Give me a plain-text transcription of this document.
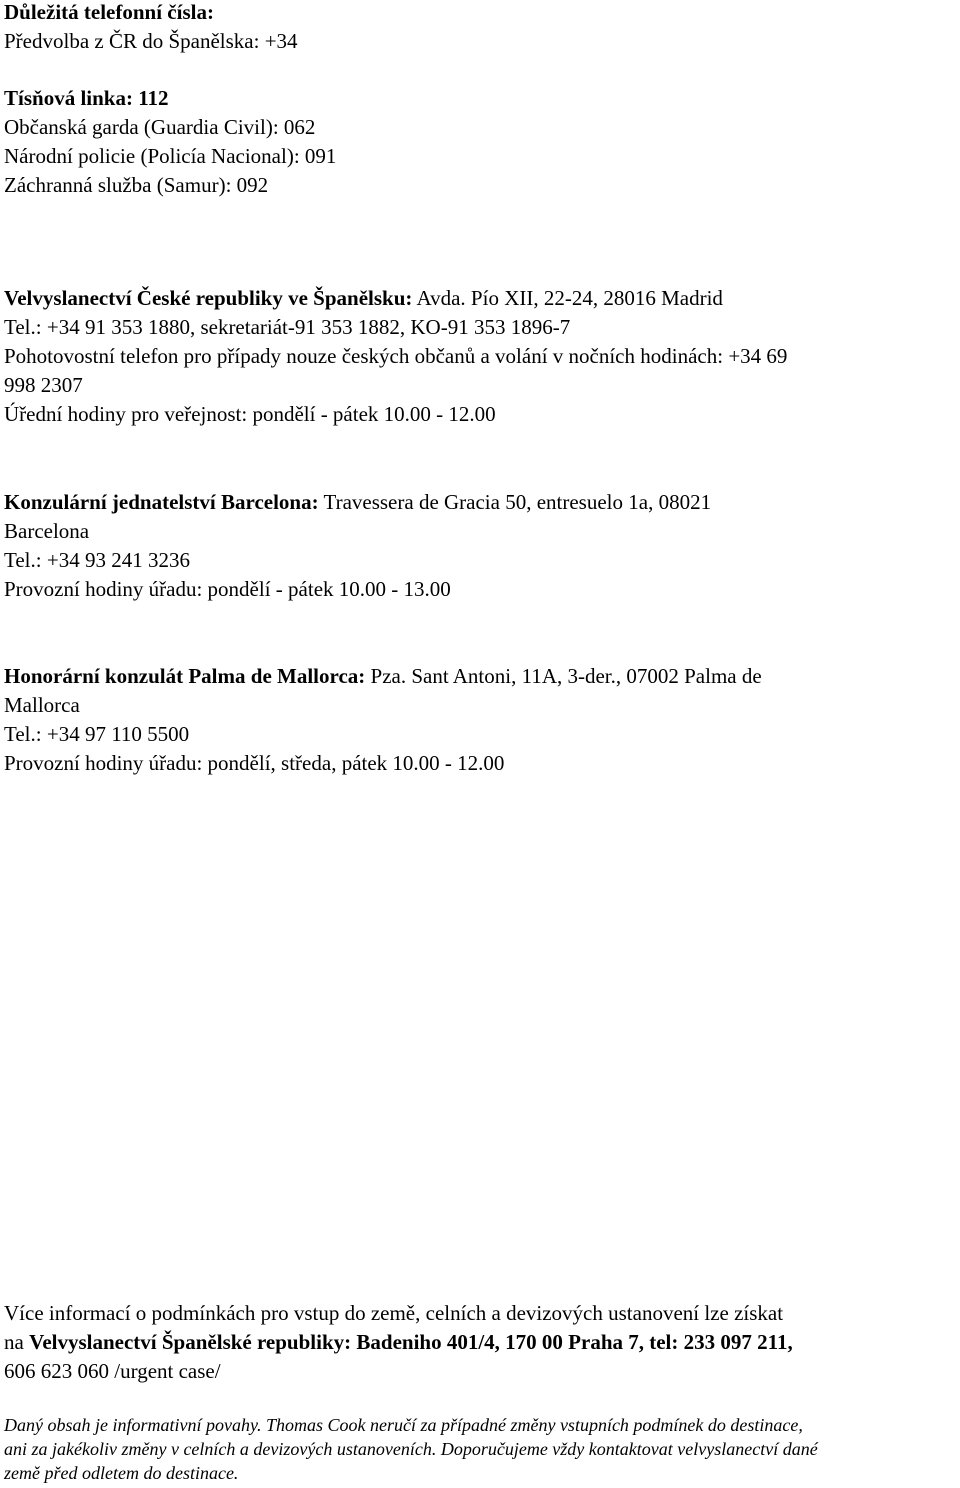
Důležitá telefonní čísla:
Předvolba z ČR do Španělska: +34
Tísňová linka: 112
Občanská garda (Guardia Civil): 062
Národní policie (Policía Nacional): 091
Záchranná služba (Samur): 092
Velvyslanectví České republiky ve Španělsku: Avda. Pío XII, 22-24, 28016 Madrid
Tel.: +34 91 353 1880, sekretariát-91 353 1882, KO-91 353 1896-7
Pohotovostní telefon pro případy nouze českých občanů a volání v nočních hodinách: +34 69
998 2307
Úřední hodiny pro veřejnost: pondělí - pátek 10.00 - 12.00
Konzulární jednatelství Barcelona: Travessera de Gracia 50, entresuelo 1a, 08021
Barcelona
Tel.: +34 93 241 3236
Provozní hodiny úřadu: pondělí - pátek 10.00 - 13.00
Honorární konzulát Palma de Mallorca: Pza. Sant Antoni, 11A, 3-der., 07002 Palma de
Mallorca
Tel.: +34 97 110 5500
Provozní hodiny úřadu: pondělí, středa, pátek 10.00 - 12.00
Více informací o podmínkách pro vstup do země, celních a devizových ustanovení lze získat
na Velvyslanectví Španělské republiky: Badeniho 401/4, 170 00 Praha 7, tel: 233 097 211,
606 623 060 /urgent case/
Daný obsah je informativní povahy. Thomas Cook neručí za případné změny vstupních podmínek do destinace,
ani za jakékoliv změny v celních a devizových ustanoveních. Doporučujeme vždy kontaktovat velvyslanectví dané
země před odletem do destinace.
